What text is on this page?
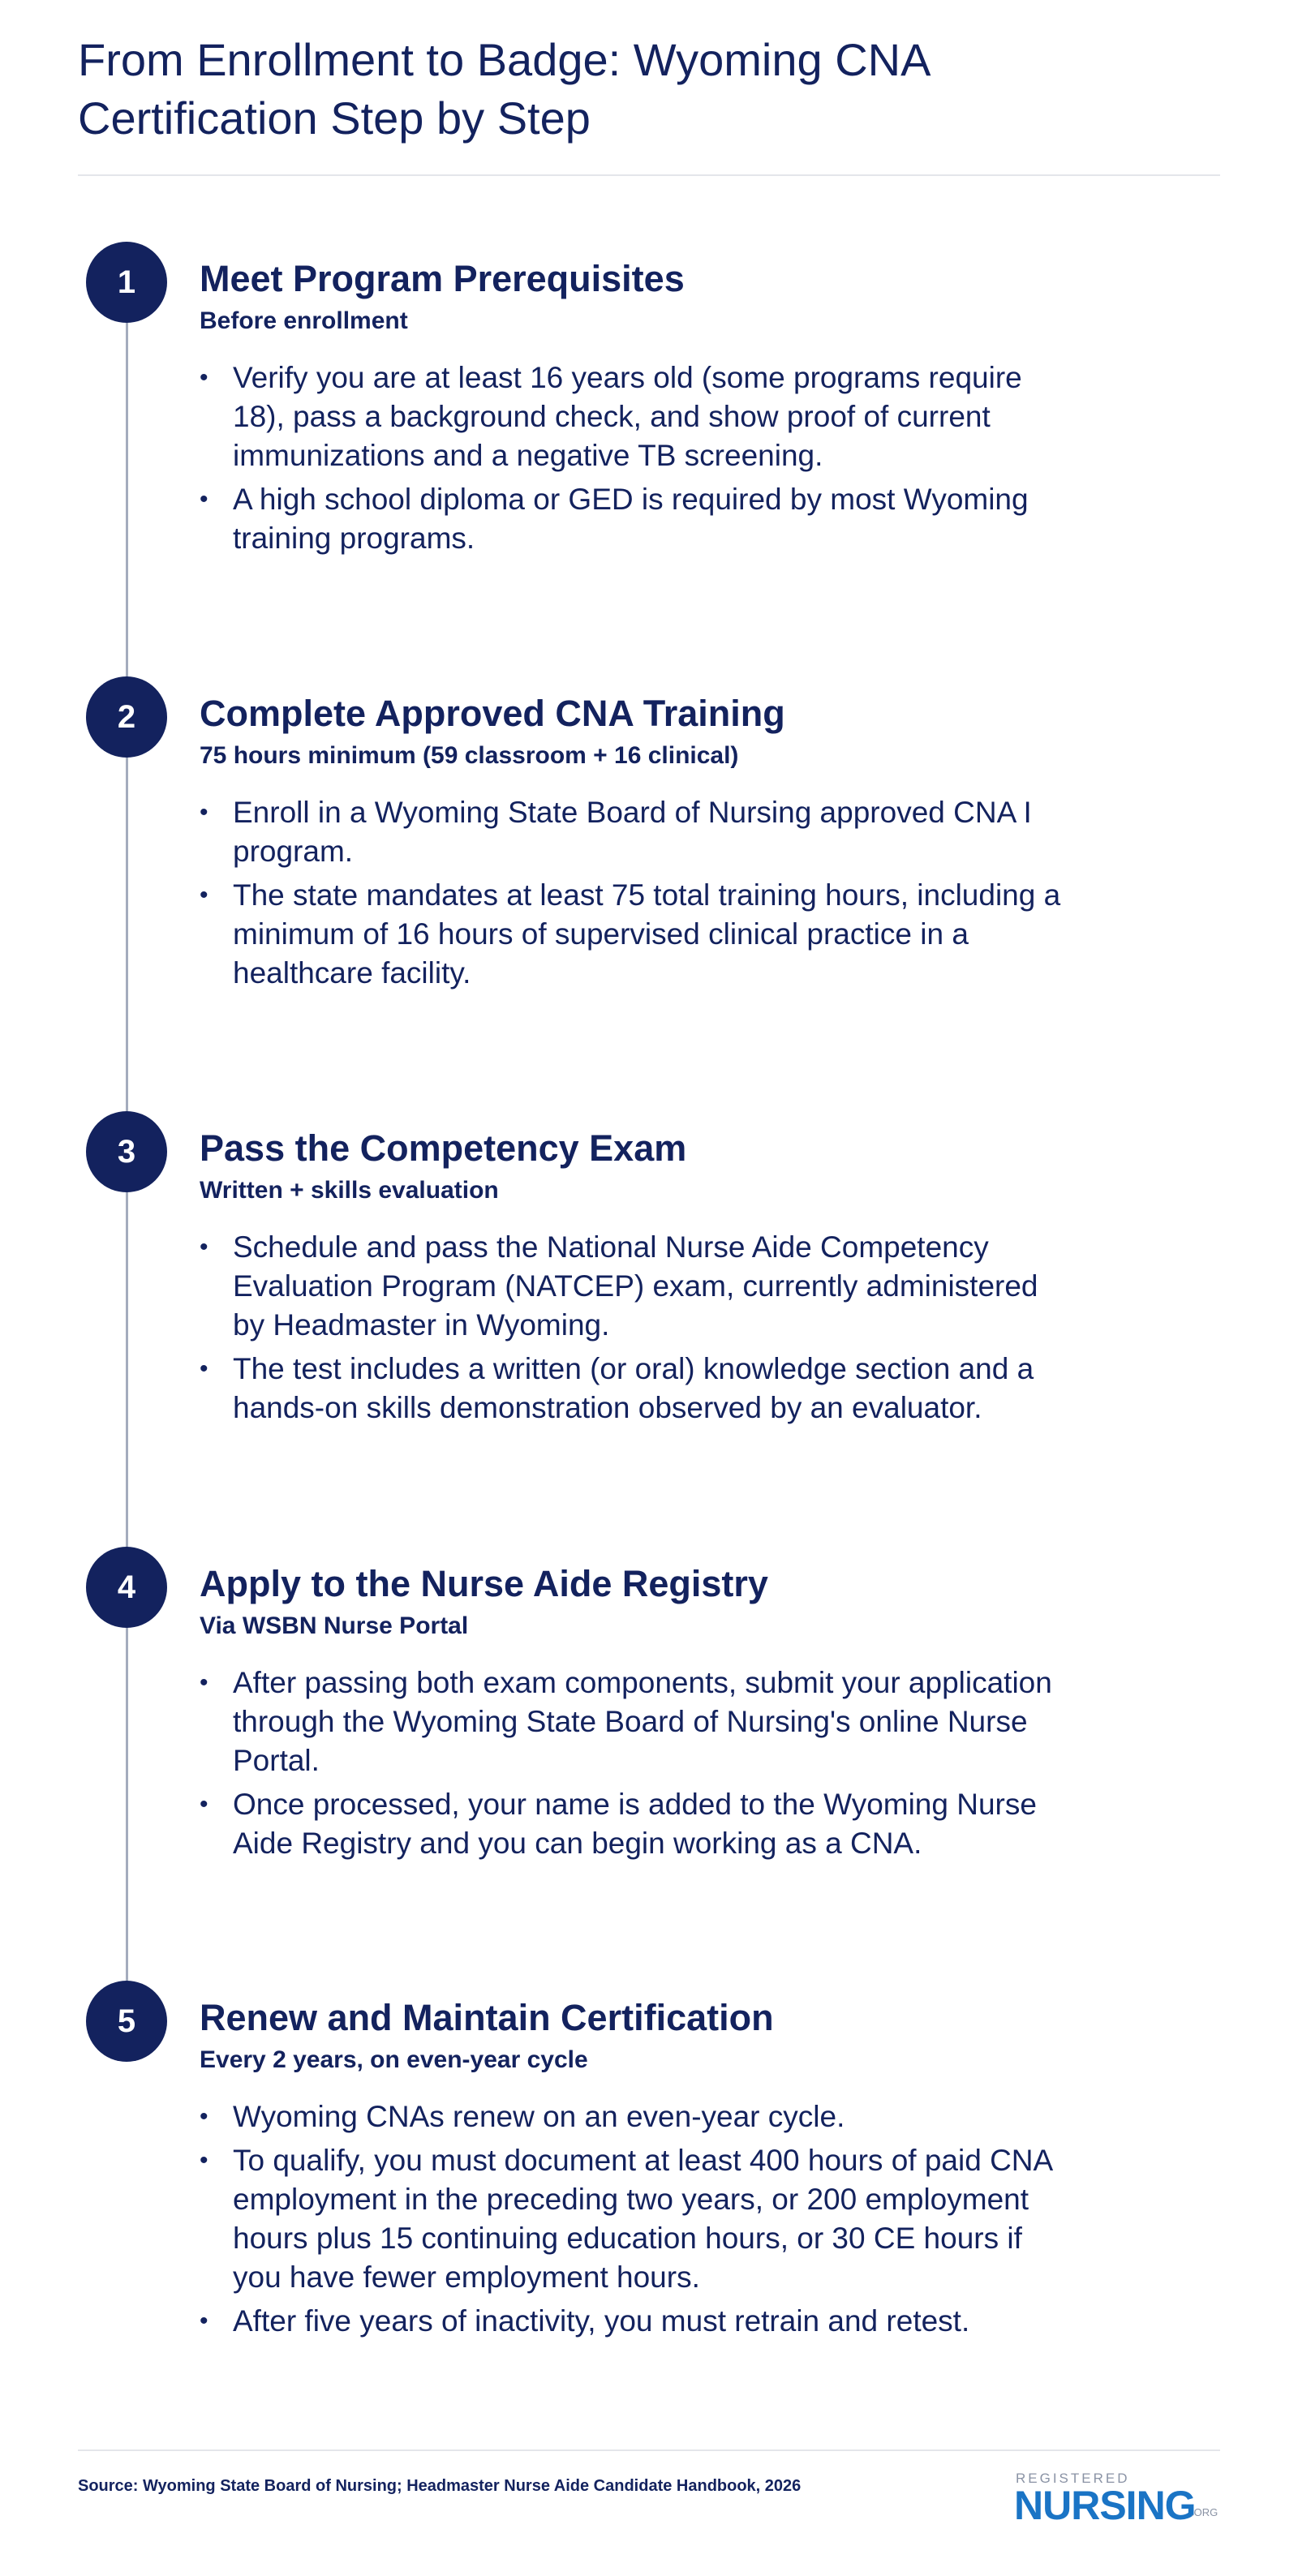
From Enrollment to Badge: Wyoming CNA Certification Step by Step
1	Meet Program Prerequisites
Before enrollment
• Verify you are at least 16 years old (some programs require 18), pass a background check, and show proof of current immunizations and a negative TB screening.
• A high school diploma or GED is required by most Wyoming training programs.
2	Complete Approved CNA Training
75 hours minimum (59 classroom + 16 clinical)
• Enroll in a Wyoming State Board of Nursing approved CNA I program.
• The state mandates at least 75 total training hours, including a minimum of 16 hours of supervised clinical practice in a healthcare facility.
3	Pass the Competency Exam
Written + skills evaluation
• Schedule and pass the National Nurse Aide Competency Evaluation Program (NATCEP) exam, currently administered by Headmaster in Wyoming.
• The test includes a written (or oral) knowledge section and a hands-on skills demonstration observed by an evaluator.
4	Apply to the Nurse Aide Registry
Via WSBN Nurse Portal
• After passing both exam components, submit your application through the Wyoming State Board of Nursing's online Nurse Portal.
• Once processed, your name is added to the Wyoming Nurse Aide Registry and you can begin working as a CNA.
5	Renew and Maintain Certification
Every 2 years, on even-year cycle
• Wyoming CNAs renew on an even-year cycle.
• To qualify, you must document at least 400 hours of paid CNA employment in the preceding two years, or 200 employment hours plus 15 continuing education hours, or 30 CE hours if you have fewer employment hours.
• After five years of inactivity, you must retrain and retest.
Source: Wyoming State Board of Nursing; Headmaster Nurse Aide Candidate Handbook, 2026	REGISTERED
NURSING
.ORG
